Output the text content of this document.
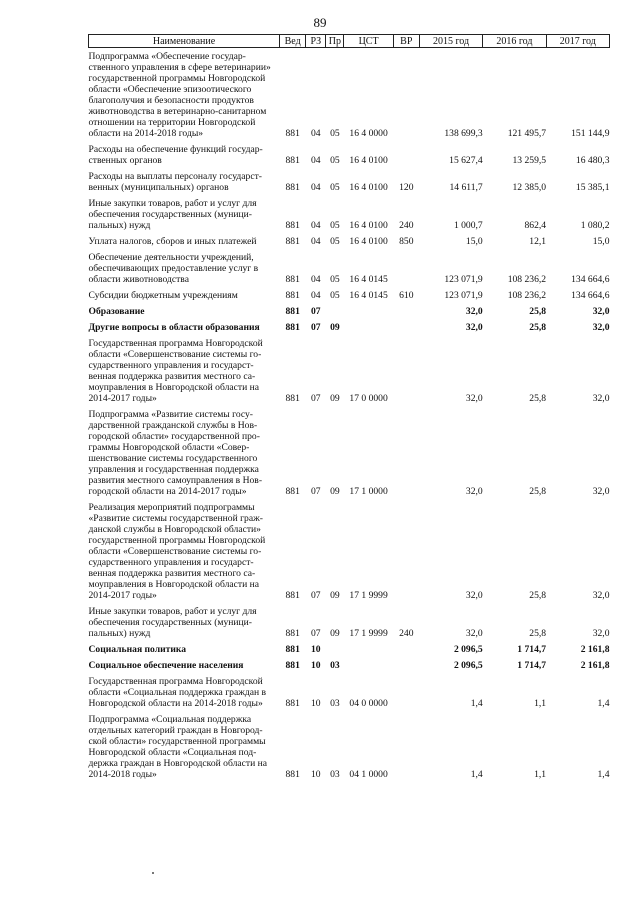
89
Наименование	Вед	РЗ	Пр	ЦСТ	ВР	2015 год	2016 год	2017 год
Подпрограмма «Обеспечение государ-ственного управления в сфере ветеринарии» государственной программы Новгородской области «Обеспечение эпизоотического благополучия и безопасности продуктов животноводства в ветеринарно-санитарном отношении на территории Новгородской области на 2014-2018 годы»	881	04	05	16 4 0000		138 699,3	121 495,7	151 144,9
Расходы на обеспечение функций государ-ственных органов	881	04	05	16 4 0100		15 627,4	13 259,5	16 480,3
Расходы на выплаты персоналу государст-венных (муниципальных) органов	881	04	05	16 4 0100	120	14 611,7	12 385,0	15 385,1
Иные закупки товаров, работ и услуг для обеспечения государственных (муници-пальных) нужд	881	04	05	16 4 0100	240	1 000,7	862,4	1 080,2
Уплата налогов, сборов и иных платежей	881	04	05	16 4 0100	850	15,0	12,1	15,0
Обеспечение деятельности учреждений, обеспечивающих предоставление услуг в области животноводства	881	04	05	16 4 0145		123 071,9	108 236,2	134 664,6
Субсидии бюджетным учреждениям	881	04	05	16 4 0145	610	123 071,9	108 236,2	134 664,6
Образование	881	07				32,0	25,8	32,0
Другие вопросы в области образования	881	07	09			32,0	25,8	32,0
Государственная программа Новгородской области «Совершенствование системы го-сударственного управления и государст-венная поддержка развития местного са-моуправления в Новгородской области на 2014-2017 годы»	881	07	09	17 0 0000		32,0	25,8	32,0
Подпрограмма «Развитие системы госу-дарственной гражданской службы в Нов-городской области» государственной про-граммы Новгородской области «Совер-шенствование системы государственного управления и государственная поддержка развития местного самоуправления в Нов-городской области на 2014-2017 годы»	881	07	09	17 1 0000		32,0	25,8	32,0
Реализация мероприятий подпрограммы «Развитие системы государственной граж-данской службы в Новгородской области» государственной программы Новгородской области «Совершенствование системы го-сударственного управления и государст-венная поддержка развития местного са-моуправления в Новгородской области на 2014-2017 годы»	881	07	09	17 1 9999		32,0	25,8	32,0
Иные закупки товаров, работ и услуг для обеспечения государственных (муници-пальных) нужд	881	07	09	17 1 9999	240	32,0	25,8	32,0
Социальная политика	881	10				2 096,5	1 714,7	2 161,8
Социальное обеспечение населения	881	10	03			2 096,5	1 714,7	2 161,8
Государственная программа Новгородской области «Социальная поддержка граждан в Новгородской области на 2014-2018 годы»	881	10	03	04 0 0000		1,4	1,1	1,4
Подпрограмма «Социальная поддержка отдельных категорий граждан в Новгород-ской области» государственной программы Новгородской области «Социальная под-держка граждан в Новгородской области на 2014-2018 годы»	881	10	03	04 1 0000		1,4	1,1	1,4
